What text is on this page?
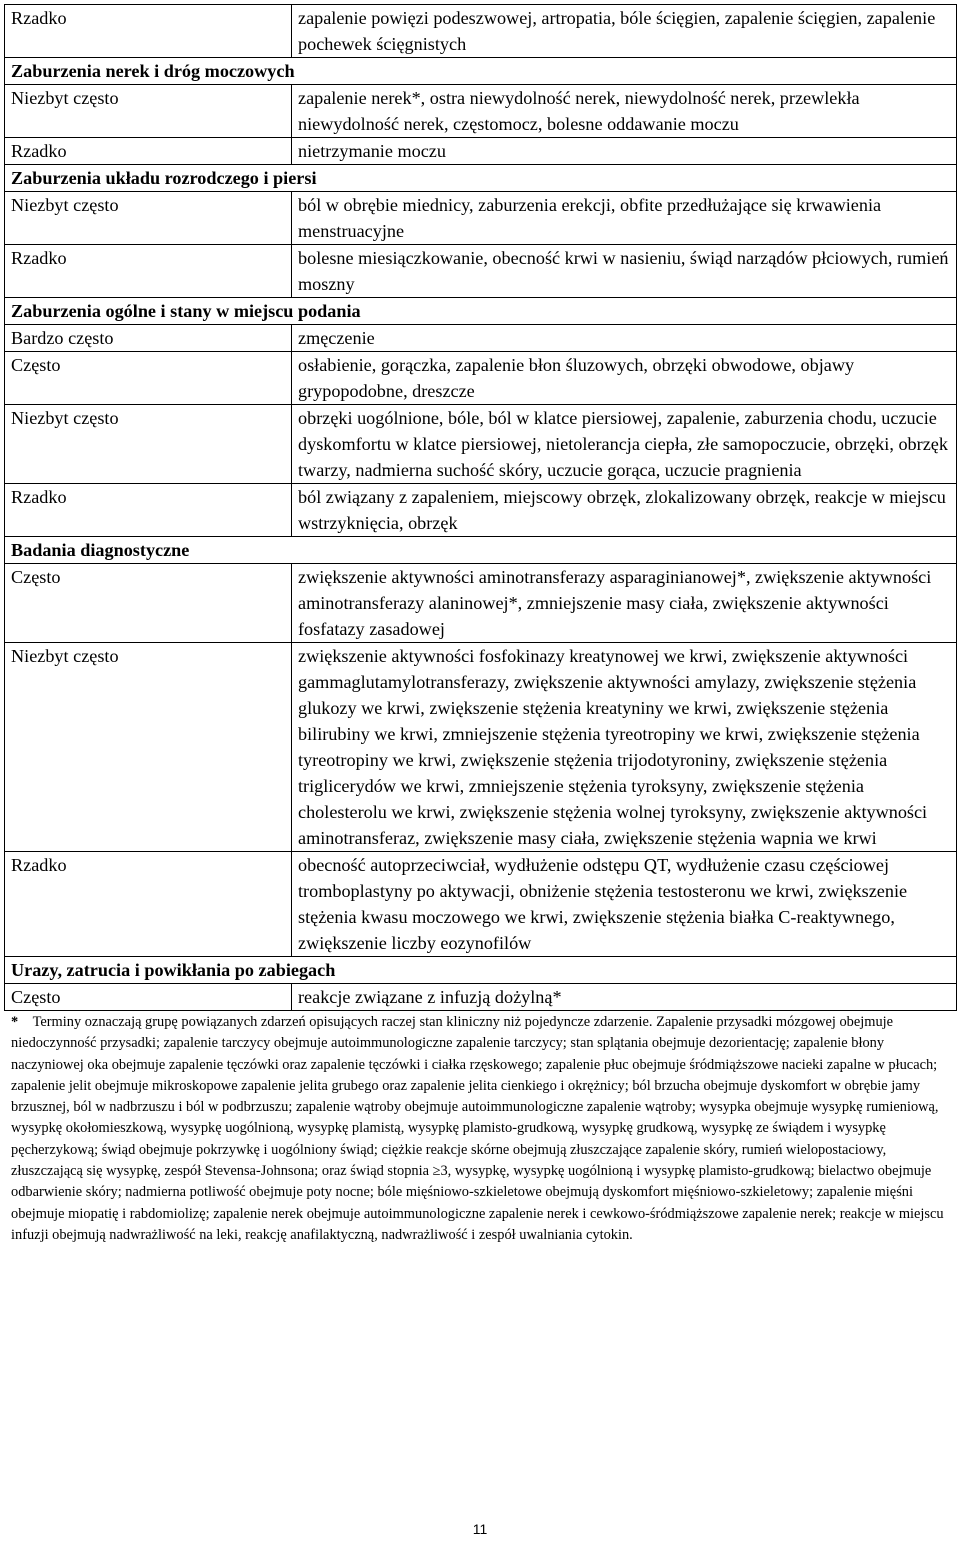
Rzadko	zapalenie powięzi podeszwowej, artropatia, bóle ścięgien, zapalenie ścięgien, zapalenie pochewek ścięgnistych
Zaburzenia nerek i dróg moczowych	
Niezbyt często	zapalenie nerek*, ostra niewydolność nerek, niewydolność nerek, przewlekła niewydolność nerek, częstomocz, bolesne oddawanie moczu
Rzadko	nietrzymanie moczu
Zaburzenia układu rozrodczego i piersi	
Niezbyt często	ból w obrębie miednicy, zaburzenia erekcji, obfite przedłużające się krwawienia menstruacyjne
Rzadko	bolesne miesiączkowanie, obecność krwi w nasieniu, świąd narządów płciowych, rumień moszny
Zaburzenia ogólne i stany w miejscu podania	
Bardzo często	zmęczenie
Często	osłabienie, gorączka, zapalenie błon śluzowych, obrzęki obwodowe, objawy grypopodobne, dreszcze
Niezbyt często	obrzęki uogólnione, bóle, ból w klatce piersiowej, zapalenie, zaburzenia chodu, uczucie dyskomfortu w klatce piersiowej, nietolerancja ciepła, złe samopoczucie, obrzęki, obrzęk twarzy, nadmierna suchość skóry, uczucie gorąca, uczucie pragnienia
Rzadko	ból związany z zapaleniem, miejscowy obrzęk, zlokalizowany obrzęk, reakcje w miejscu wstrzyknięcia, obrzęk
Badania diagnostyczne	
Często	zwiększenie aktywności aminotransferazy asparaginianowej*, zwiększenie aktywności aminotransferazy alaninowej*, zmniejszenie masy ciała, zwiększenie aktywności fosfatazy zasadowej
Niezbyt często	zwiększenie aktywności fosfokinazy kreatynowej we krwi, zwiększenie aktywności gammaglutamylotransferazy, zwiększenie aktywności amylazy, zwiększenie stężenia glukozy we krwi, zwiększenie stężenia kreatyniny we krwi, zwiększenie stężenia bilirubiny we krwi, zmniejszenie stężenia tyreotropiny we krwi, zwiększenie stężenia tyreotropiny we krwi, zwiększenie stężenia trijodotyroniny, zwiększenie stężenia triglicerydów we krwi, zmniejszenie stężenia tyroksyny, zwiększenie stężenia cholesterolu we krwi, zwiększenie stężenia wolnej tyroksyny, zwiększenie aktywności aminotransferaz, zwiększenie masy ciała, zwiększenie stężenia wapnia we krwi
Rzadko	obecność autoprzeciwciał, wydłużenie odstępu QT, wydłużenie czasu częściowej tromboplastyny po aktywacji, obniżenie stężenia testosteronu we krwi, zwiększenie stężenia kwasu moczowego we krwi, zwiększenie stężenia białka C-reaktywnego, zwiększenie liczby eozynofilów
Urazy, zatrucia i powikłania po zabiegach	
Często	reakcje związane z infuzją dożylną*
* Terminy oznaczają grupę powiązanych zdarzeń opisujących raczej stan kliniczny niż pojedyncze zdarzenie. Zapalenie przysadki mózgowej obejmuje niedoczynność przysadki; zapalenie tarczycy obejmuje autoimmunologiczne zapalenie tarczycy; stan splątania obejmuje dezorientację; zapalenie błony naczyniowej oka obejmuje zapalenie tęczówki oraz zapalenie tęczówki i ciałka rzęskowego; zapalenie płuc obejmuje śródmiąższowe nacieki zapalne w płucach; zapalenie jelit obejmuje mikroskopowe zapalenie jelita grubego oraz zapalenie jelita cienkiego i okrężnicy; ból brzucha obejmuje dyskomfort w obrębie jamy brzusznej, ból w nadbrzuszu i ból w podbrzuszu; zapalenie wątroby obejmuje autoimmunologiczne zapalenie wątroby; wysypka obejmuje wysypkę rumieniową, wysypkę okołomieszkową, wysypkę uogólnioną, wysypkę plamistą, wysypkę plamisto-grudkową, wysypkę grudkową, wysypkę ze świądem i wysypkę pęcherzykową; świąd obejmuje pokrzywkę i uogólniony świąd; ciężkie reakcje skórne obejmują złuszczające zapalenie skóry, rumień wielopostaciowy, złuszczającą się wysypkę, zespół Stevensa-Johnsona; oraz świąd stopnia ≥3, wysypkę, wysypkę uogólnioną i wysypkę plamisto-grudkową; bielactwo obejmuje odbarwienie skóry; nadmierna potliwość obejmuje poty nocne; bóle mięśniowo-szkieletowe obejmują dyskomfort mięśniowo-szkieletowy; zapalenie mięśni obejmuje miopatię i rabdomiolizę; zapalenie nerek obejmuje autoimmunologiczne zapalenie nerek i cewkowo-śródmiąższowe zapalenie nerek; reakcje w miejscu infuzji obejmują nadwrażliwość na leki, reakcję anafilaktyczną, nadwrażliwość i zespół uwalniania cytokin.
11
